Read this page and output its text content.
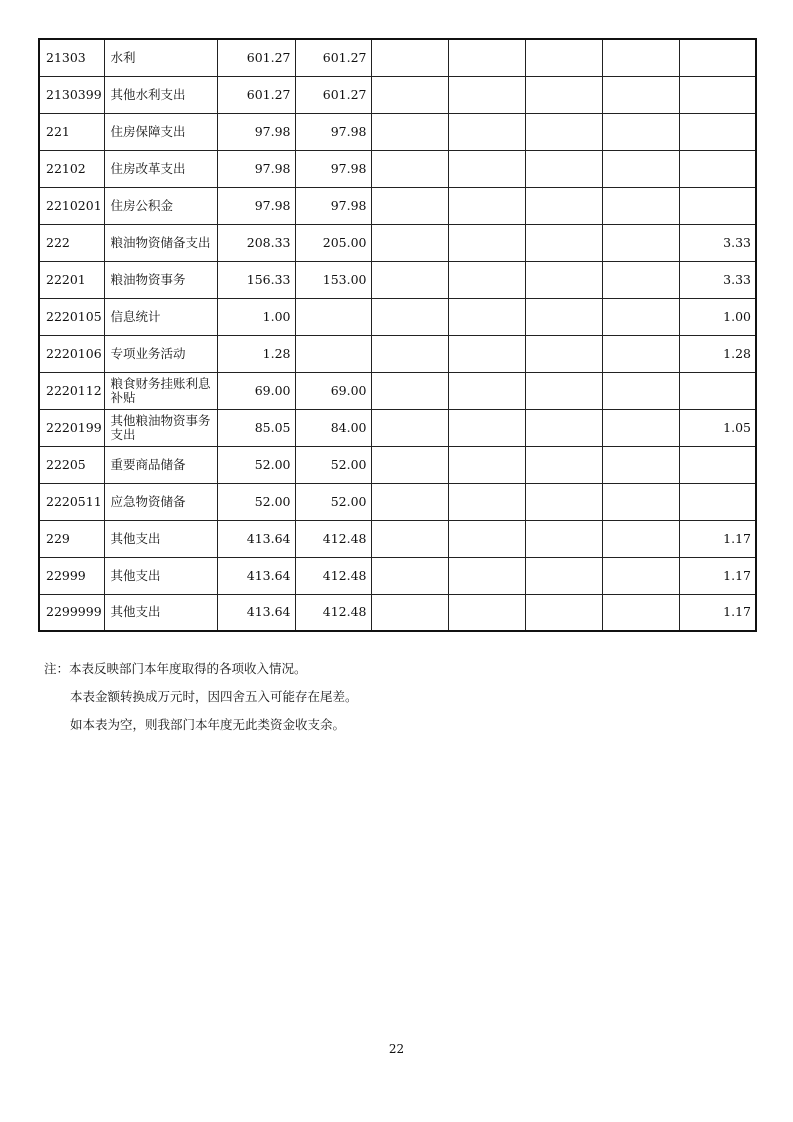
21303	水利	601.27	601.27					
2130399	其他水利支出	601.27	601.27					
221	住房保障支出	97.98	97.98					
22102	住房改革支出	97.98	97.98					
2210201	住房公积金	97.98	97.98					
222	粮油物资储备支出	208.33	205.00					3.33
22201	粮油物资事务	156.33	153.00					3.33
2220105	信息统计	1.00						1.00
2220106	专项业务活动	1.28						1.28
2220112	粮食财务挂账利息补贴	69.00	69.00					
2220199	其他粮油物资事务支出	85.05	84.00					1.05
22205	重要商品储备	52.00	52.00					
2220511	应急物资储备	52.00	52.00					
229	其他支出	413.64	412.48					1.17
22999	其他支出	413.64	412.48					1.17
2299999	其他支出	413.64	412.48					1.17
注：本表反映部门本年度取得的各项收入情况。
本表金额转换成万元时，因四舍五入可能存在尾差。
如本表为空，则我部门本年度无此类资金收支余。
22
